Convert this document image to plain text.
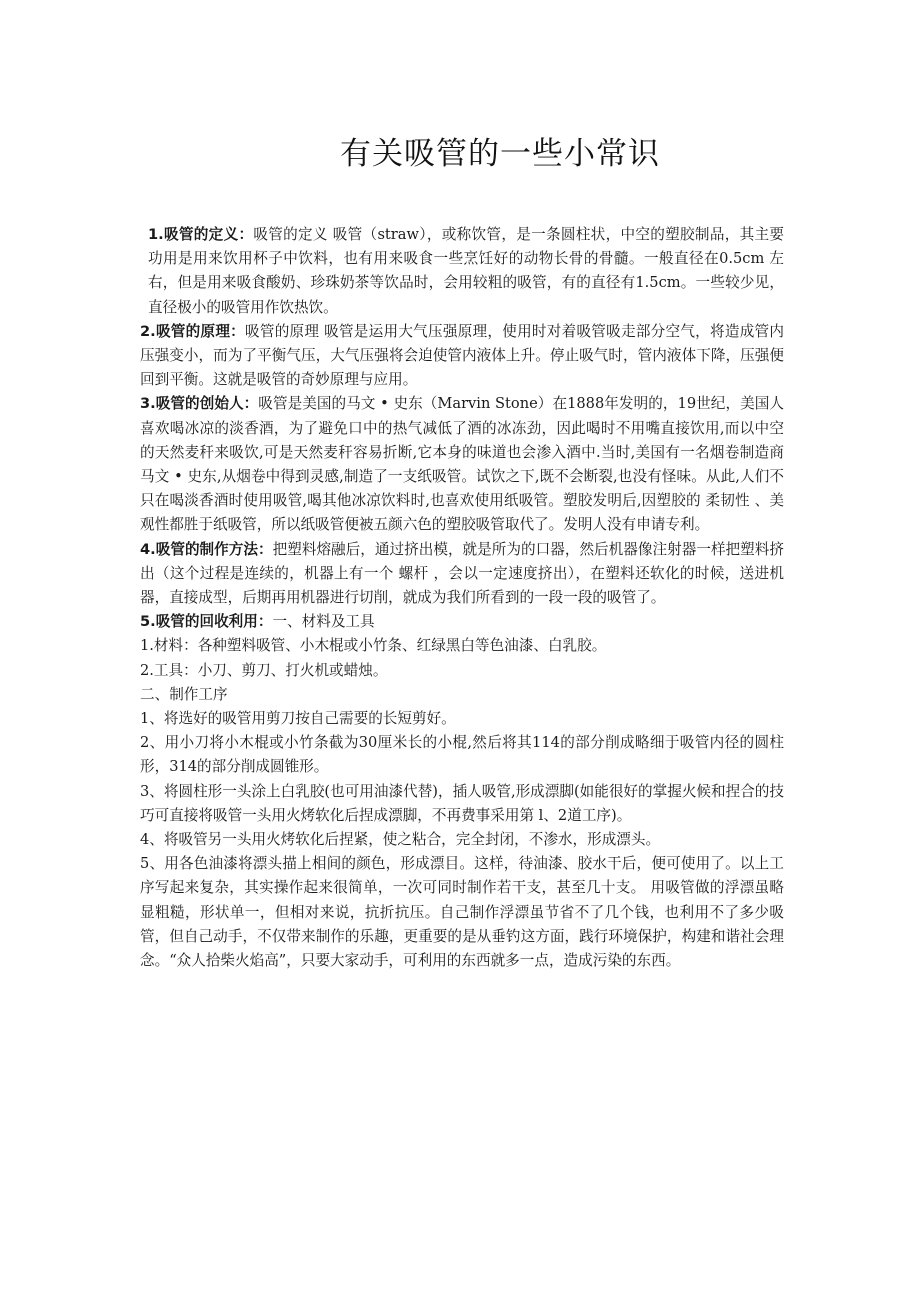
有关吸管的一些小常识

1.吸管的定义：吸管的定义 吸管（straw），或称饮管，是一条圆柱状，中空的塑胶制品，其主要功用是用来饮用杯子中饮料，也有用来吸食一些烹饪好的动物长骨的骨髓。一般直径在0.5cm 左右，但是用来吸食酸奶、珍珠奶茶等饮品时，会用较粗的吸管，有的直径有1.5cm。一些较少见，直径极小的吸管用作饮热饮。

2.吸管的原理：吸管的原理 吸管是运用大气压强原理，使用时对着吸管吸走部分空气，将造成管内压强变小，而为了平衡气压，大气压强将会迫使管内液体上升。停止吸气时，管内液体下降，压强便回到平衡。这就是吸管的奇妙原理与应用。

3.吸管的创始人：吸管是美国的马文 • 史东（Marvin Stone）在1888年发明的，19世纪，美国人喜欢喝冰凉的淡香酒，为了避免口中的热气减低了酒的冰冻劲，因此喝时不用嘴直接饮用,而以中空的天然麦秆来吸饮,可是天然麦秆容易折断,它本身的味道也会渗入酒中.当时,美国有一名烟卷制造商马文 • 史东,从烟卷中得到灵感,制造了一支纸吸管。试饮之下,既不会断裂,也没有怪味。从此,人们不只在喝淡香酒时使用吸管,喝其他冰凉饮料时,也喜欢使用纸吸管。塑胶发明后,因塑胶的 柔韧性 、美观性都胜于纸吸管，所以纸吸管便被五颜六色的塑胶吸管取代了。发明人没有申请专利。

4.吸管的制作方法：把塑料熔融后，通过挤出模，就是所为的口器，然后机器像注射器一样把塑料挤出（这个过程是连续的，机器上有一个 螺杆 ，会以一定速度挤出），在塑料还软化的时候，送进机器，直接成型，后期再用机器进行切削，就成为我们所看到的一段一段的吸管了。

5.吸管的回收利用：一、材料及工具

1.材料：各种塑料吸管、小木棍或小竹条、红绿黑白等色油漆、白乳胶。

2.工具：小刀、剪刀、打火机或蜡烛。

二、制作工序

1、将选好的吸管用剪刀按自己需要的长短剪好。

2、用小刀将小木棍或小竹条截为30厘米长的小棍,然后将其114的部分削成略细于吸管内径的圆柱形，314的部分削成圆锥形。

3、将圆柱形一头涂上白乳胶(也可用油漆代替)，插人吸管,形成漂脚(如能很好的掌握火候和捏合的技巧可直接将吸管一头用火烤软化后捏成漂脚，不再费事采用第 l、2道工序)。

4、将吸管另一头用火烤软化后捏紧，使之粘合，完全封闭，不渗水，形成漂头。

5、用各色油漆将漂头描上相间的颜色，形成漂目。这样，待油漆、胶水干后，便可使用了。以上工序写起来复杂，其实操作起来很简单，一次可同时制作若干支，甚至几十支。 用吸管做的浮漂虽略显粗糙，形状单一，但相对来说，抗折抗压。自己制作浮漂虽节省不了几个钱，也利用不了多少吸管，但自己动手，不仅带来制作的乐趣，更重要的是从垂钓这方面，践行环境保护，构建和谐社会理念。“众人拾柴火焰高”，只要大家动手，可利用的东西就多一点，造成污染的东西。
